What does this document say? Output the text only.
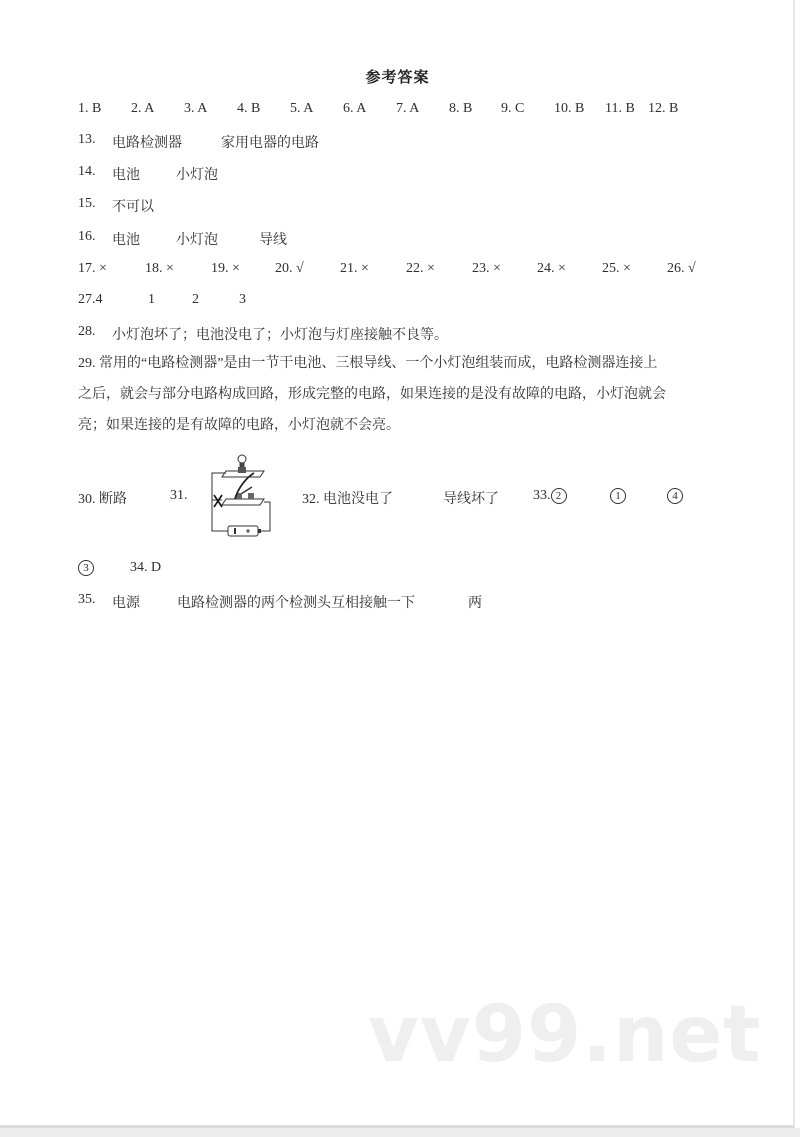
参考答案
1. B 2. A 3. A 4. B 5. A 6. A 7. A 8. B 9. C 10. B 11. B 12. B
13. 电路检测器	家用电器的电路
14. 电池	小灯泡
15. 不可以
16. 电池	小灯泡	导线
17. ×	18. ×	19. ×	20. √	21. ×	22. ×	23. ×	24. ×	25. ×	26. √
27.4	1	2	3
28. 小灯泡坏了；电池没电了；小灯泡与灯座接触不良等。
29. 常用的“电路检测器”是由一节干电池、三根导线、一个小灯泡组装而成，电路检测器连接上
之后，就会与部分电路构成回路，形成完整的电路，如果连接的是没有故障的电路，小灯泡就会
亮；如果连接的是有故障的电路，小灯泡就不会亮。
30. 断路	31.	32. 电池没电了	导线坏了 33. 2	1	4
3	34. D
35. 电源	电路检测器的两个检测头互相接触一下	两
vv99.net
